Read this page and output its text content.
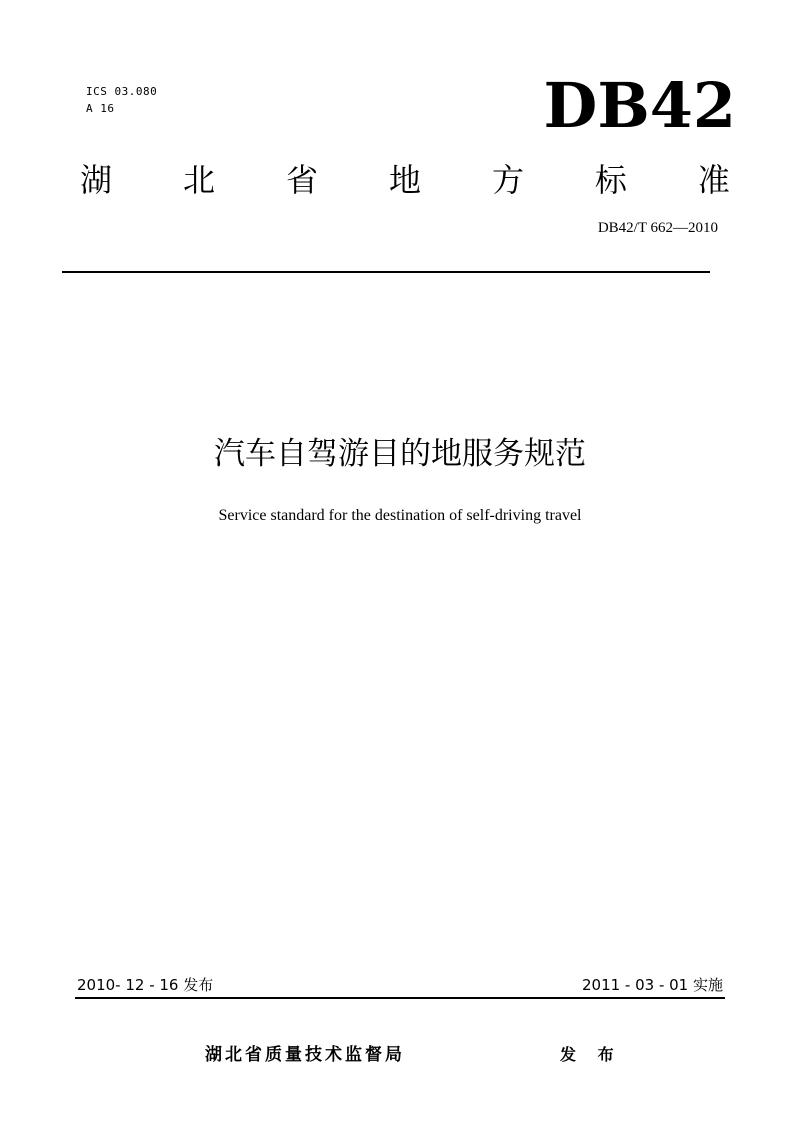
ICS 03.080
A 16	DB42
湖 北 省 地 方 标 准
DB42/T 662—2010
汽车自驾游目的地服务规范
Service standard for the destination of self-driving travel
2010- 12 - 16 发布	2011 - 03 - 01 实施
湖北省质量技术监督局	发 布
